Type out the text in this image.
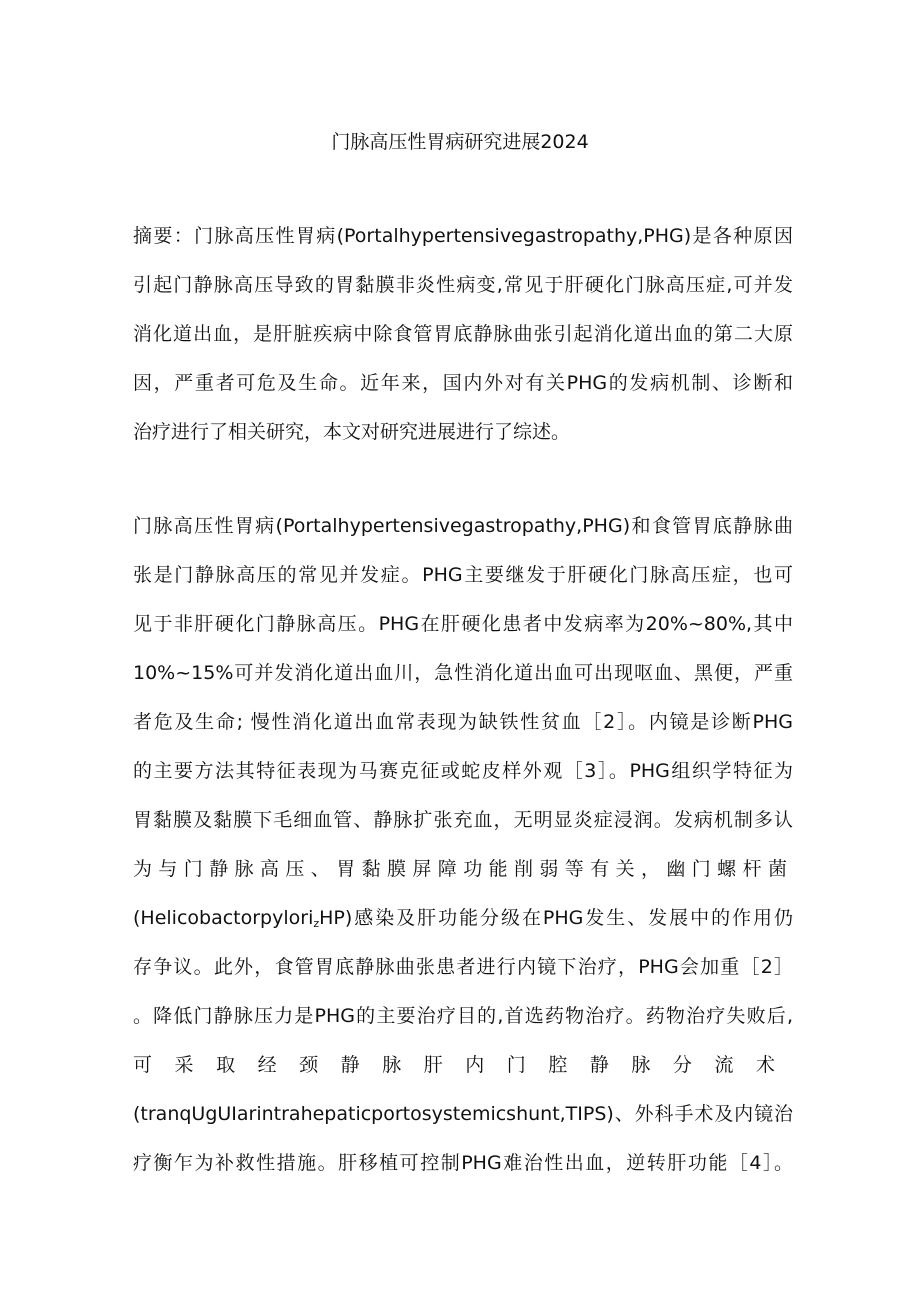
门脉高压性胃病研究进展2024
摘要：门脉高压性胃病(Portalhypertensivegastropathy,PHG)是各种原因
引起门静脉高压导致的胃黏膜非炎性病变,常见于肝硬化门脉高压症,可并发
消化道出血，是肝脏疾病中除食管胃底静脉曲张引起消化道出血的第二大原
因，严重者可危及生命。近年来，国内外对有关PHG的发病机制、诊断和
治疗进行了相关研究，本文对研究进展进行了综述。
门脉高压性胃病(Portalhypertensivegastropathy,PHG)和食管胃底静脉曲
张是门静脉高压的常见并发症。PHG主要继发于肝硬化门脉高压症，也可
见于非肝硬化门静脉高压。PHG在肝硬化患者中发病率为20%~80%,其中
10%~15%可并发消化道出血川，急性消化道出血可出现呕血、黑便，严重
者危及生命; 慢性消化道出血常表现为缺铁性贫血［2］。内镜是诊断PHG
的主要方法其特征表现为马赛克征或蛇皮样外观［3］。PHG组织学特征为
胃黏膜及黏膜下毛细血管、静脉扩张充血，无明显炎症浸润。发病机制多认
为与门静脉高压、胃黏膜屏障功能削弱等有关，幽门螺杆菌
(Helicobactorpylori$_z$HP)感染及肝功能分级在PHG发生、发展中的作用仍
存争议。此外，食管胃底静脉曲张患者进行内镜下治疗，PHG会加重［2］
。降低门静脉压力是PHG的主要治疗目的,首选药物治疗。药物治疗失败后,
可采取经颈静脉肝内门腔静脉分流术
(tranqUgUIarintrahepaticportosystemicshunt,TIPS)、外科手术及内镜治
疗衡乍为补救性措施。肝移植可控制PHG难治性出血，逆转肝功能［4］。
